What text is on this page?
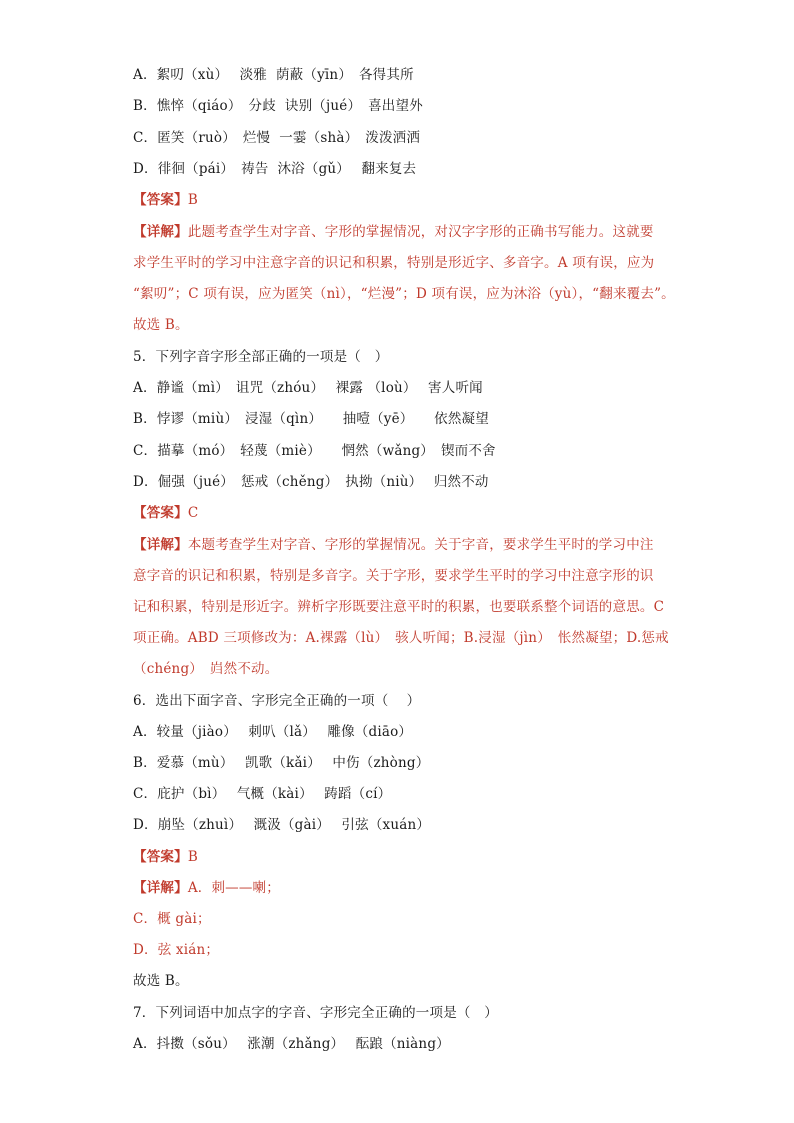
A．絮叨（xù）　 淡雅  荫蔽（yīn）　各得其所
B．憔悴（qiáo）　分歧  诀别（jué）　喜出望外
C．匿笑（ruò）　烂慢  一霎（shà）　泼泼洒洒
D．徘徊（pái）　祷告  沐浴（gǔ）　 翻来复去
【答案】B
【详解】此题考查学生对字音、字形的掌握情况，对汉字字形的正确书写能力。这就要
求学生平时的学习中注意字音的识记和积累，特别是形近字、多音字。A 项有误，应为
“絮叨”；C 项有误，应为匿笑（nì），“烂漫”；D 项有误，应为沐浴（yù），“翻来覆去”。
故选 B。
5．下列字音字形全部正确的一项是（　）
A．静谧（mì）　诅咒（zhóu）　 裸露 （loù）　 害人听闻
B．悖谬（miù）　浸湿（qìn）　　抽噎（yē）　　依然凝望
C．描摹（mó）　轻蔑（miè）　　惘然（wǎng）　锲而不舍
D．倔强（jué）　惩戒（chěng）　执拗（niù）　 归然不动
【答案】C
【详解】本题考查学生对字音、字形的掌握情况。关于字音，要求学生平时的学习中注
意字音的识记和积累，特别是多音字。关于字形，要求学生平时的学习中注意字形的识
记和积累，特别是形近字。辨析字形既要注意平时的积累，也要联系整个词语的意思。C
项正确。ABD 三项修改为：A.裸露（lù）　骇人听闻；B.浸湿（jìn）　怅然凝望；D.惩戒
（chéng）　岿然不动。
6．选出下面字音、字形完全正确的一项（　 ）
A．较量（jiào）　 刺叭（lǎ）　 雕像（diāo）
B．爱慕（mù）　 凯歌（kǎi）　 中伤（zhòng）
C．庇护（bì）　 气概（kài）　 踌蹈（cí）
D．崩坠（zhuì）　 溉汲（gài）　 引弦（xuán）
【答案】B
【详解】A．刺——喇；
C．概 gài；
D．弦 xián；
故选 B。
7．下列词语中加点字的字音、字形完全正确的一项是（　）
A．抖擞（sǒu）　 涨潮（zhǎng）　 酝踉（niàng）
